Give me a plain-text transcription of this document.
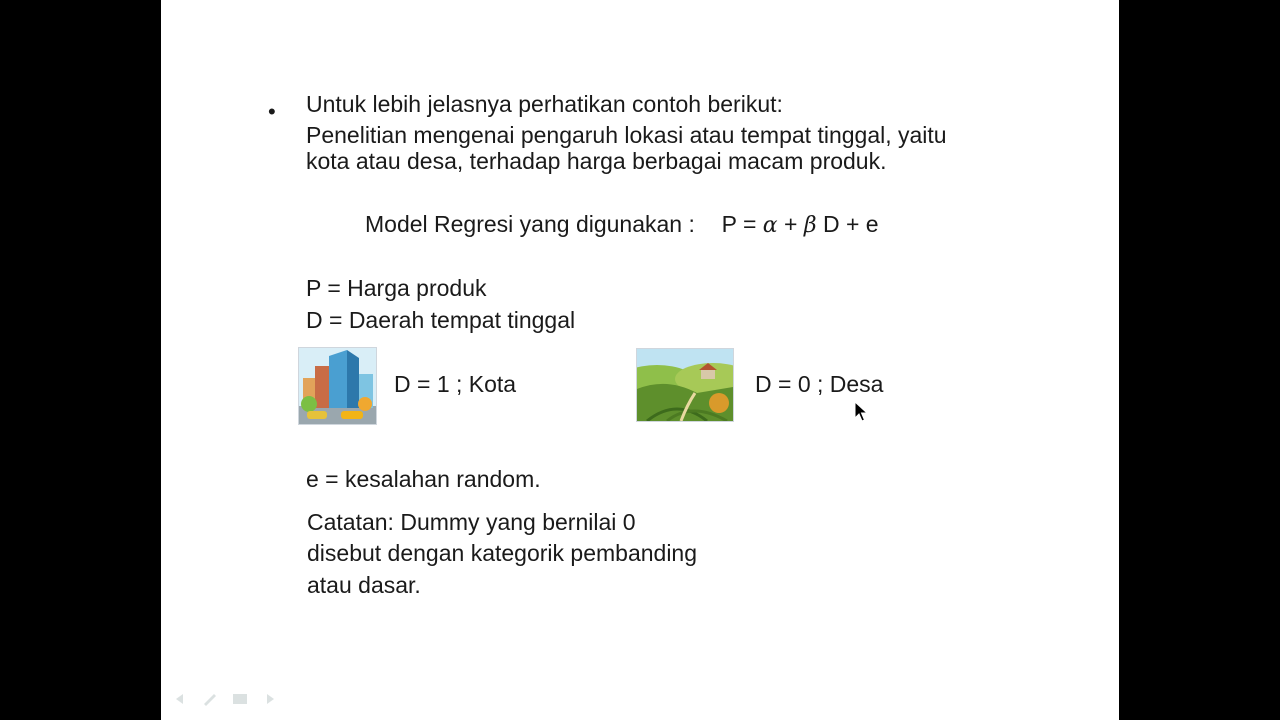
• Untuk lebih jelasnya perhatikan contoh berikut:
Penelitian mengenai pengaruh lokasi atau tempat tinggal, yaitu
kota atau desa, terhadap harga berbagai macam produk.
Model Regresi yang digunakan : P = α + β D + e
P = Harga produk
D = Daerah tempat tinggal
D = 1 ; Kota	D = 0 ; Desa
e = kesalahan random.
Catatan: Dummy yang bernilai 0
disebut dengan kategorik pembanding
atau dasar.
